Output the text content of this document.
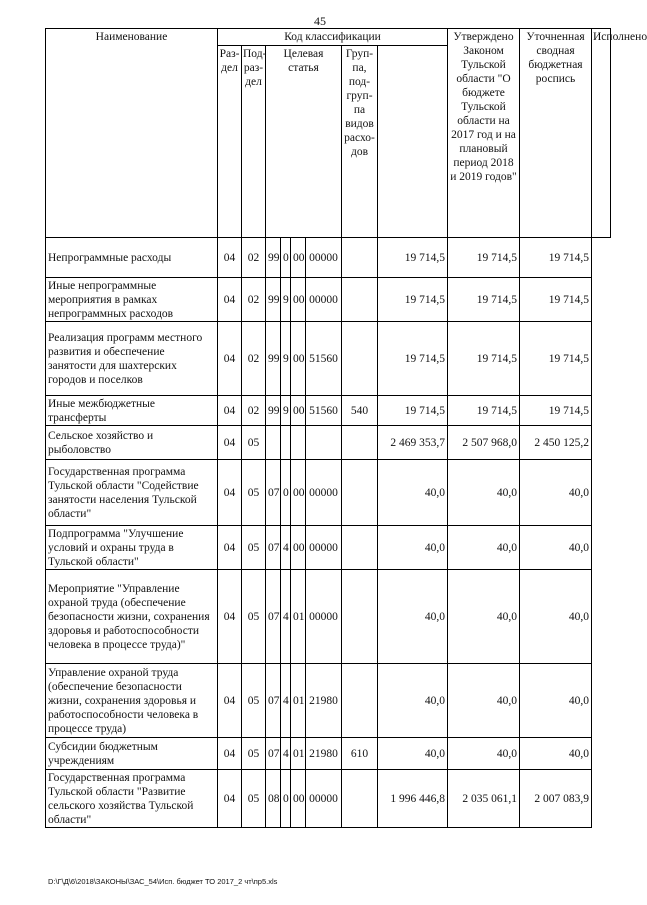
45
Наименование	Код классификации								Утверждено Законом Тульской области "О бюджете Тульской области на 2017 год и на плановый период 2018 и 2019 годов"	Уточненная сводная бюджетная роспись	Исполнено
	Раз-дел	Под-раз-дел	Целевая статья				Груп-па, под-груп-па видов расхо-дов				
Непрограммные расходы	04	02	99	0	00	00000		19 714,5	19 714,5	19 714,5	
Иные непрограммные мероприятия в рамках непрограммных расходов	04	02	99	9	00	00000		19 714,5	19 714,5	19 714,5	
Реализация программ местного развития и обеспечение занятости для шахтерских городов и поселков	04	02	99	9	00	51560		19 714,5	19 714,5	19 714,5	
Иные межбюджетные трансферты	04	02	99	9	00	51560	540	19 714,5	19 714,5	19 714,5	
Сельское хозяйство и рыболовство	04	05						2 469 353,7	2 507 968,0	2 450 125,2	
Государственная программа Тульской области "Содействие занятости населения Тульской области"	04	05	07	0	00	00000		40,0	40,0	40,0	
Подпрограмма "Улучшение условий и охраны труда в Тульской области"	04	05	07	4	00	00000		40,0	40,0	40,0	
Мероприятие "Управление охраной труда (обеспечение безопасности жизни, сохранения здоровья и работоспособности человека в процессе труда)"	04	05	07	4	01	00000		40,0	40,0	40,0	
Управление охраной труда (обеспечение безопасности жизни, сохранения здоровья и работоспособности человека в процессе труда)	04	05	07	4	01	21980		40,0	40,0	40,0	
Субсидии бюджетным учреждениям	04	05	07	4	01	21980	610	40,0	40,0	40,0	
Государственная программа Тульской области "Развитие сельского хозяйства Тульской области"	04	05	08	0	00	00000		1 996 446,8	2 035 061,1	2 007 083,9	
D:\Г\Д\6\2018\ЗАКОНЫ\ЗАС_54\Исп. бюджет ТО 2017_2 чт\пр5.xls
